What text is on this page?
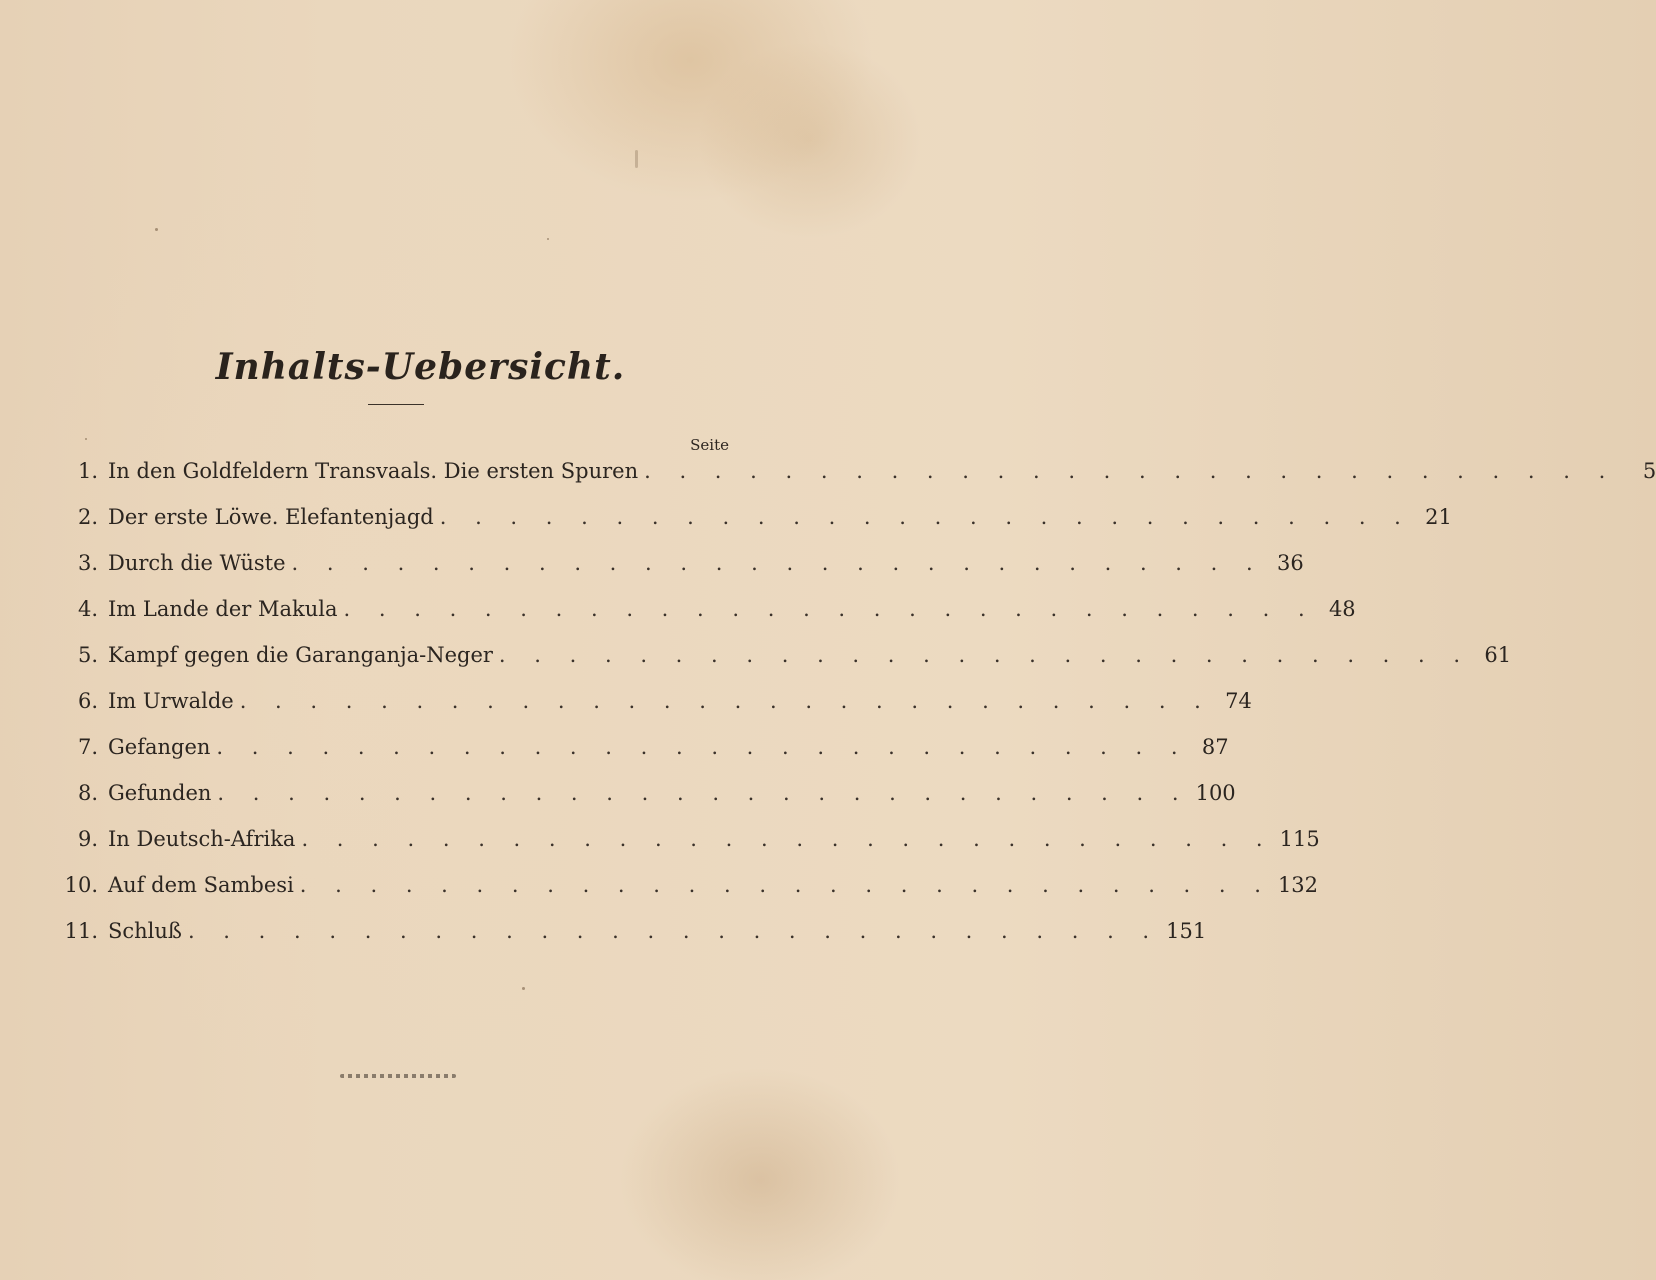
Inhalts-Uebersicht.
Seite
1. In den Goldfeldern Transvaals. Die ersten Spuren . . . . . . . . . . . . . . . . . . . . . . . . . . . .	5
2. Der erste Löwe. Elefantenjagd . . . . . . . . . . . . . . . . . . . . . . . . . . . . 21
3. Durch die Wüste . . . . . . . . . . . . . . . . . . . . . . . . . . . . 36
4. Im Lande der Makula . . . . . . . . . . . . . . . . . . . . . . . . . . . . 48
5. Kampf gegen die Garanganja-Neger . . . . . . . . . . . . . . . . . . . . . . . . . . . . 61
6. Im Urwalde . . . . . . . . . . . . . . . . . . . . . . . . . . . . 74
7. Gefangen . . . . . . . . . . . . . . . . . . . . . . . . . . . . 87
8. Gefunden . . . . . . . . . . . . . . . . . . . . . . . . . . . . 100
9. In Deutsch-Afrika . . . . . . . . . . . . . . . . . . . . . . . . . . . . 115
10. Auf dem Sambesi . . . . . . . . . . . . . . . . . . . . . . . . . . . . 132
11. Schluß . . . . . . . . . . . . . . . . . . . . . . . . . . . . 151
